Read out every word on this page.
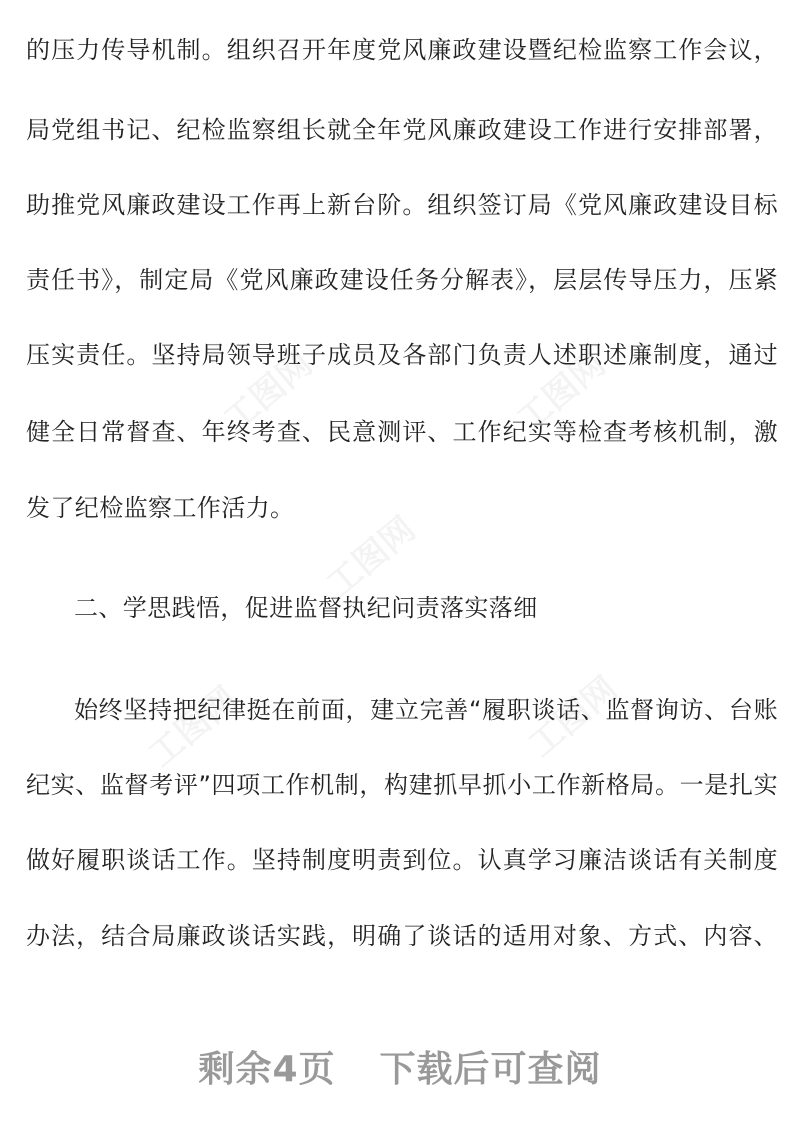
的压力传导机制。组织召开年度党风廉政建设暨纪检监察工作会议，
局党组书记、纪检监察组长就全年党风廉政建设工作进行安排部署，
助推党风廉政建设工作再上新台阶。组织签订局《党风廉政建设目标
责任书》，制定局《党风廉政建设任务分解表》，层层传导压力，压紧
压实责任。坚持局领导班子成员及各部门负责人述职述廉制度，通过
健全日常督查、年终考查、民意测评、工作纪实等检查考核机制，激
发了纪检监察工作活力。
二、学思践悟，促进监督执纪问责落实落细
始终坚持把纪律挺在前面，建立完善“履职谈话、监督询访、台账
纪实、监督考评”四项工作机制，构建抓早抓小工作新格局。一是扎实
做好履职谈话工作。坚持制度明责到位。认真学习廉洁谈话有关制度
办法，结合局廉政谈话实践，明确了谈话的适用对象、方式、内容、
剩余4页 下载后可查阅
